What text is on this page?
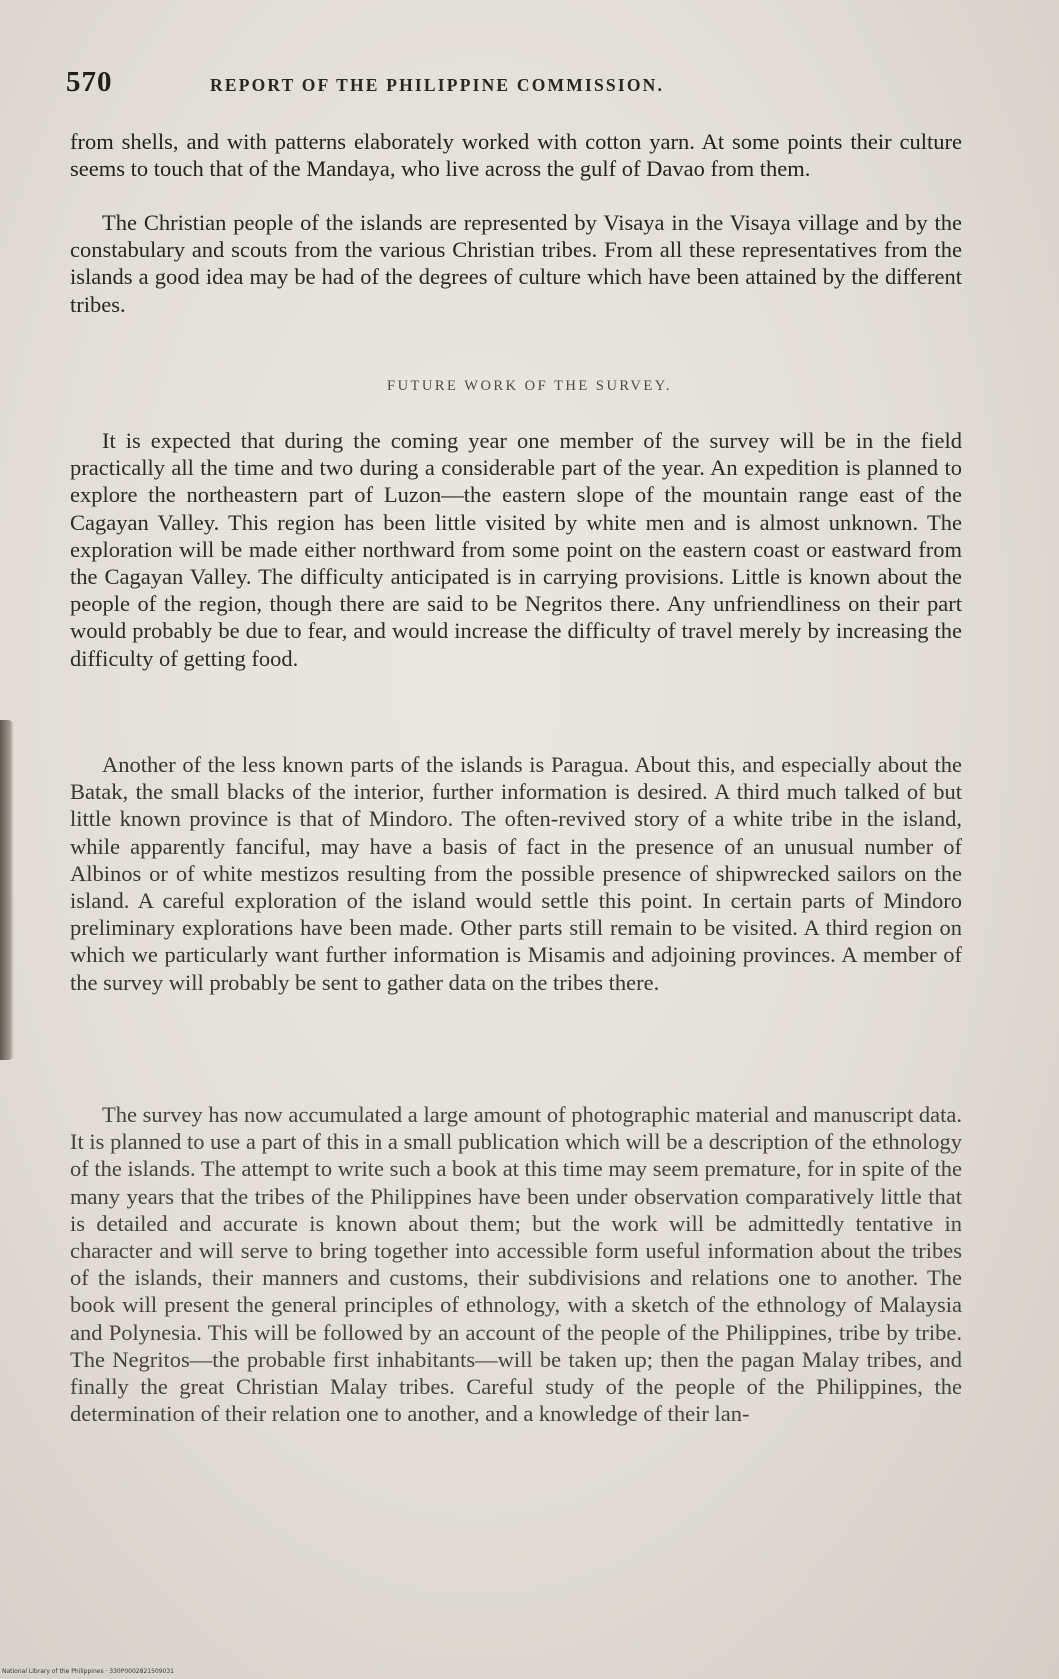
570	REPORT OF THE PHILIPPINE COMMISSION.

from shells, and with patterns elaborately worked with cotton yarn. At some points their culture seems to touch that of the Mandaya, who live across the gulf of Davao from them.

The Christian people of the islands are represented by Visaya in the Visaya village and by the constabulary and scouts from the various Christian tribes. From all these representatives from the islands a good idea may be had of the degrees of culture which have been attained by the different tribes.

FUTURE WORK OF THE SURVEY.

It is expected that during the coming year one member of the survey will be in the field practically all the time and two during a considerable part of the year. An expedition is planned to explore the northeastern part of Luzon—the eastern slope of the mountain range east of the Cagayan Valley. This region has been little visited by white men and is almost unknown. The exploration will be made either northward from some point on the eastern coast or eastward from the Cagayan Valley. The difficulty anticipated is in carrying provisions. Little is known about the people of the region, though there are said to be Negritos there. Any unfriendliness on their part would probably be due to fear, and would increase the difficulty of travel merely by increasing the difficulty of getting food.

Another of the less known parts of the islands is Paragua. About this, and especially about the Batak, the small blacks of the interior, further information is desired. A third much talked of but little known province is that of Mindoro. The often-revived story of a white tribe in the island, while apparently fanciful, may have a basis of fact in the presence of an unusual number of Albinos or of white mestizos resulting from the possible presence of shipwrecked sailors on the island. A careful exploration of the island would settle this point. In certain parts of Mindoro preliminary explorations have been made. Other parts still remain to be visited. A third region on which we particularly want further information is Misamis and adjoining provinces. A member of the survey will probably be sent to gather data on the tribes there.

The survey has now accumulated a large amount of photographic material and manuscript data. It is planned to use a part of this in a small publication which will be a description of the ethnology of the islands. The attempt to write such a book at this time may seem premature, for in spite of the many years that the tribes of the Philippines have been under observation comparatively little that is detailed and accurate is known about them; but the work will be admittedly tentative in character and will serve to bring together into accessible form useful information about the tribes of the islands, their manners and customs, their subdivisions and relations one to another. The book will present the general principles of ethnology, with a sketch of the ethnology of Malaysia and Polynesia. This will be followed by an account of the people of the Philippines, tribe by tribe. The Negritos—the probable first inhabitants—will be taken up; then the pagan Malay tribes, and finally the great Christian Malay tribes. Careful study of the people of the Philippines, the determination of their relation one to another, and a knowledge of their lan-

National Library of the Philippines · 330P0002821509031
